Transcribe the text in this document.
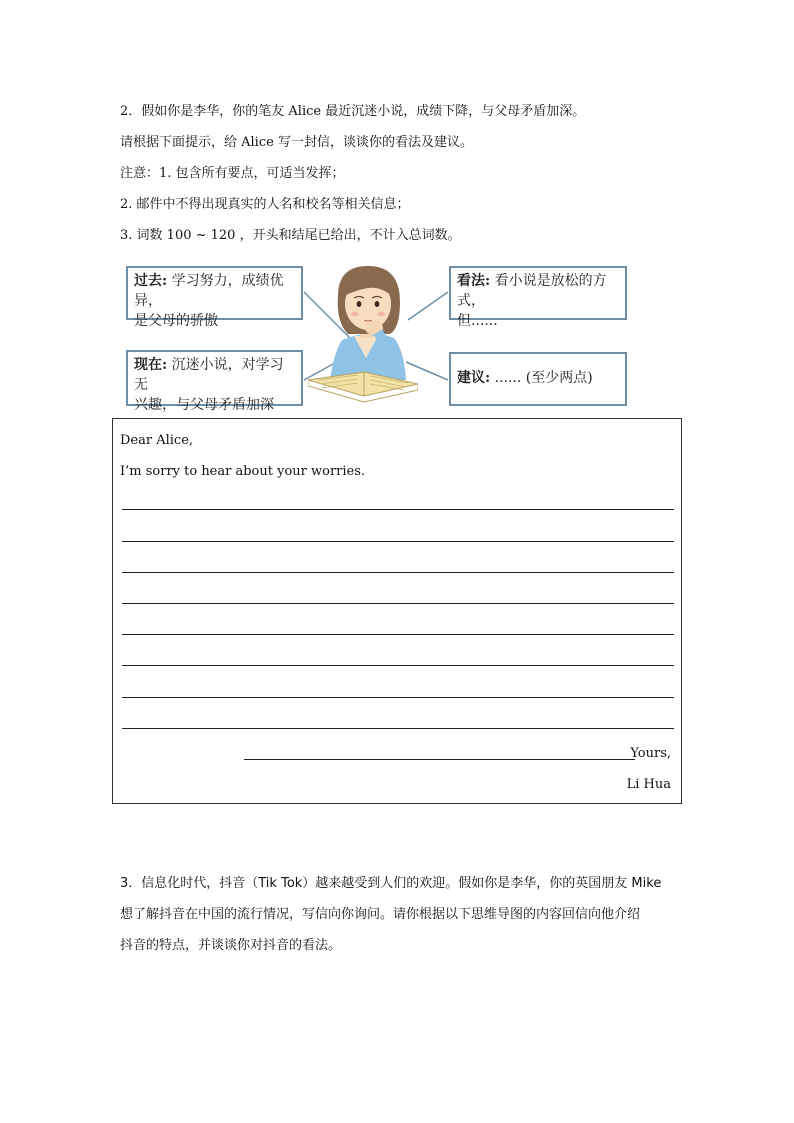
2．假如你是李华，你的笔友 Alice 最近沉迷小说，成绩下降，与父母矛盾加深。
请根据下面提示，给 Alice 写一封信，谈谈你的看法及建议。
注意：1. 包含所有要点，可适当发挥；
2. 邮件中不得出现真实的人名和校名等相关信息；
3. 词数 100 ~ 120 ，开头和结尾已给出，不计入总词数。
过去: 学习努力，成绩优异，
是父母的骄傲
现在: 沉迷小说，对学习无
兴趣，与父母矛盾加深
看法: 看小说是放松的方式，
但......
建议: ...... (至少两点)
Dear Alice,
I’m sorry to hear about your worries.
Yours,
Li Hua
3．信息化时代，抖音（Tik Tok）越来越受到人们的欢迎。假如你是李华，你的英国朋友 Mike
想了解抖音在中国的流行情况，写信向你询问。请你根据以下思维导图的内容回信向他介绍
抖音的特点，并谈谈你对抖音的看法。
